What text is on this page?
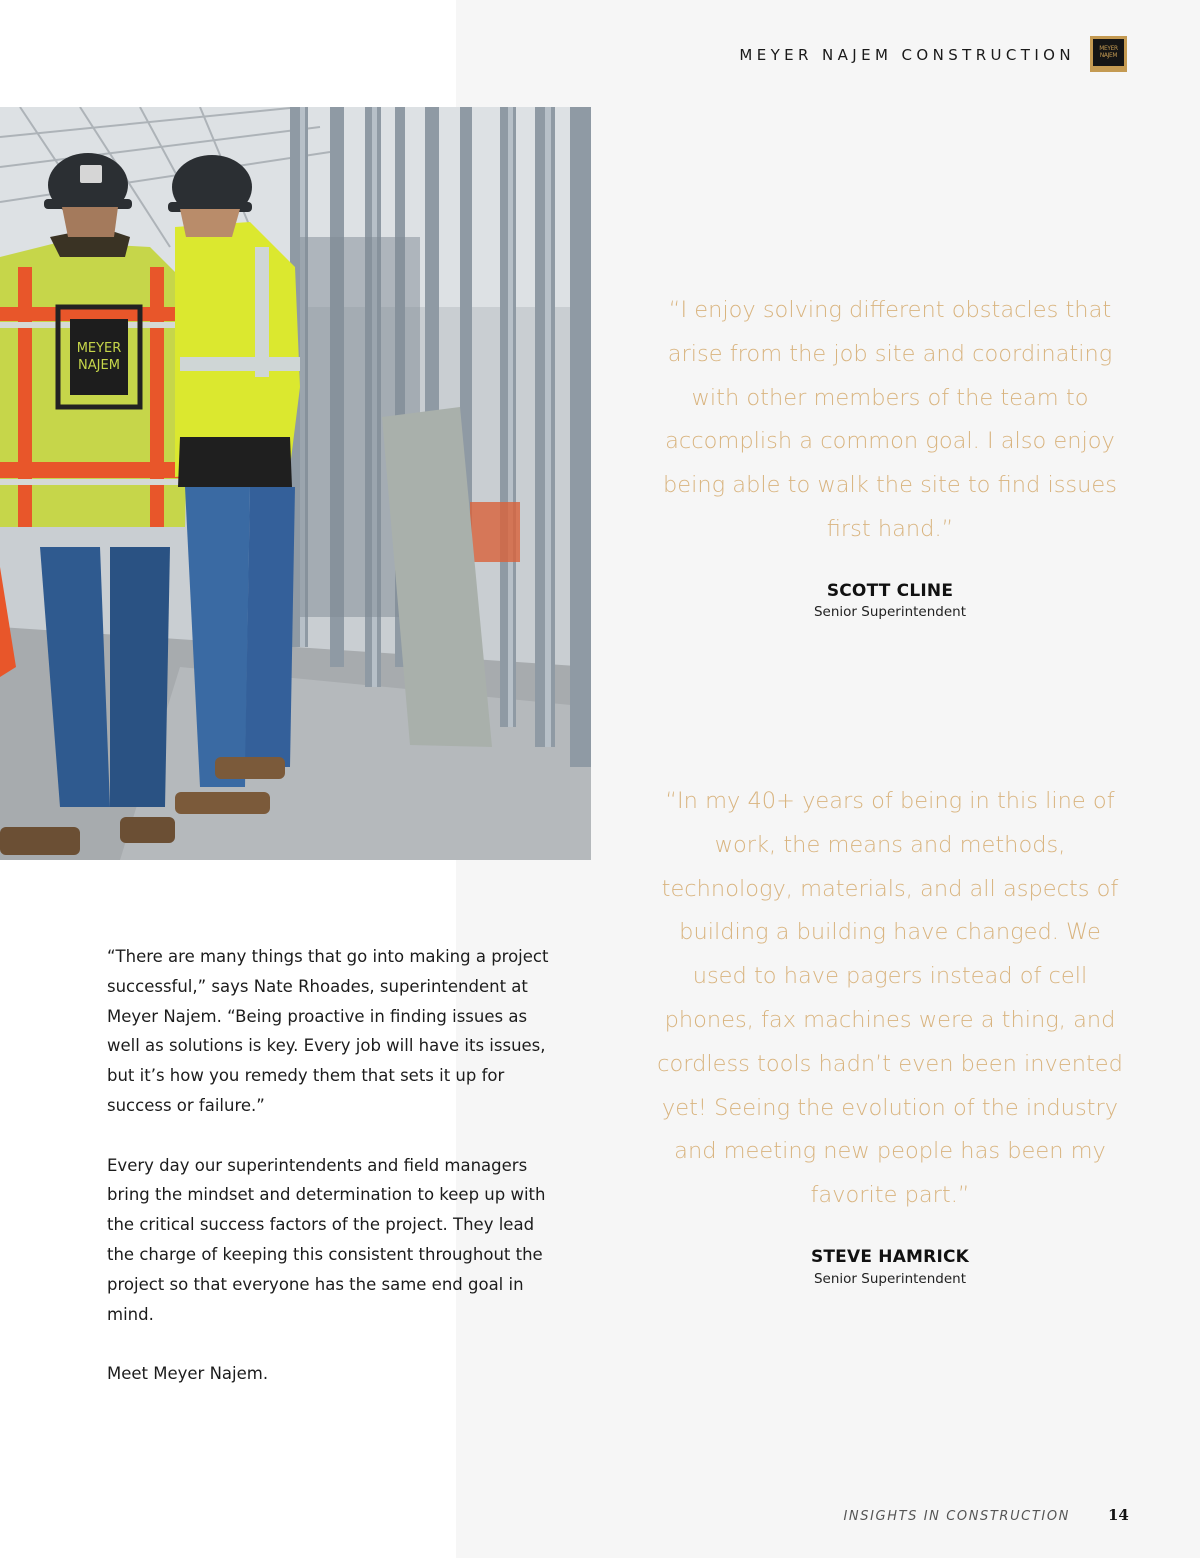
MEYER NAJEM CONSTRUCTION	MEYER NAJEM
MEYER
NAJEM

“I enjoy solving different obstacles that arise from the job site and coordinating with other members of the team to accomplish a common goal. I also enjoy being able to walk the site to find issues first hand.”

SCOTT CLINE
Senior Superintendent

“In my 40+ years of being in this line of work, the means and methods, technology, materials, and all aspects of building a building have changed. We used to have pagers instead of cell phones, fax machines were a thing, and cordless tools hadn’t even been invented yet! Seeing the evolution of the industry and meeting new people has been my favorite part.”

STEVE HAMRICK
Senior Superintendent

“There are many things that go into making a project successful,” says Nate Rhoades, superintendent at Meyer Najem. “Being proactive in finding issues as well as solutions is key. Every job will have its issues, but it’s how you remedy them that sets it up for success or failure.”

Every day our superintendents and field managers bring the mindset and determination to keep up with the critical success factors of the project. They lead the charge of keeping this consistent throughout the project so that everyone has the same end goal in mind.

Meet Meyer Najem.

INSIGHTS IN CONSTRUCTION	14
